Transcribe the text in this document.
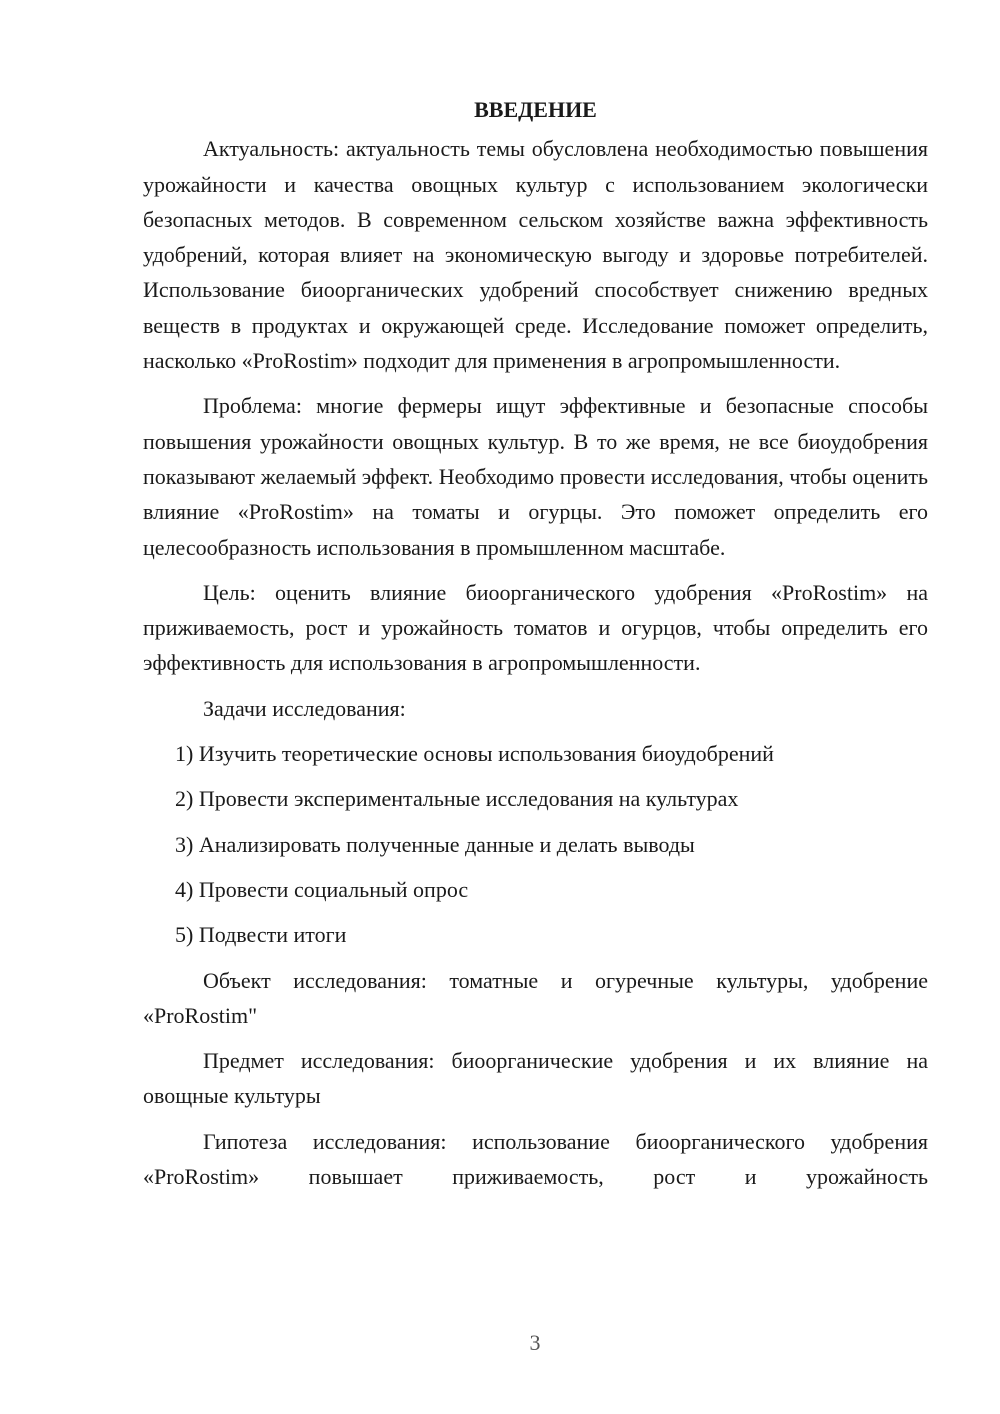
ВВЕДЕНИЕ

Актуальность: актуальность темы обусловлена необходимостью повышения урожайности и качества овощных культур с использованием экологически безопасных методов. В современном сельском хозяйстве важна эффективность удобрений, которая влияет на экономическую выгоду и здоровье потребителей. Использование биоорганических удобрений способствует снижению вредных веществ в продуктах и окружающей среде. Исследование поможет определить, насколько «ProRostim» подходит для применения в агропромышленности.

Проблема: многие фермеры ищут эффективные и безопасные способы повышения урожайности овощных культур. В то же время, не все биоудобрения показывают желаемый эффект. Необходимо провести исследования, чтобы оценить влияние «ProRostim» на томаты и огурцы. Это поможет определить его целесообразность использования в промышленном масштабе.

Цель: оценить влияние биоорганического удобрения «ProRostim» на приживаемость, рост и урожайность томатов и огурцов, чтобы определить его эффективность для использования в агропромышленности.

Задачи исследования:

1) Изучить теоретические основы использования биоудобрений
2) Провести экспериментальные исследования на культурах
3) Анализировать полученные данные и делать выводы
4) Провести социальный опрос
5) Подвести итоги

Объект исследования: томатные и огуречные культуры, удобрение «ProRostim"

Предмет исследования: биоорганические удобрения и их влияние на овощные культуры

Гипотеза исследования: использование биоорганического удобрения «ProRostim» повышает приживаемость, рост и урожайность

3
